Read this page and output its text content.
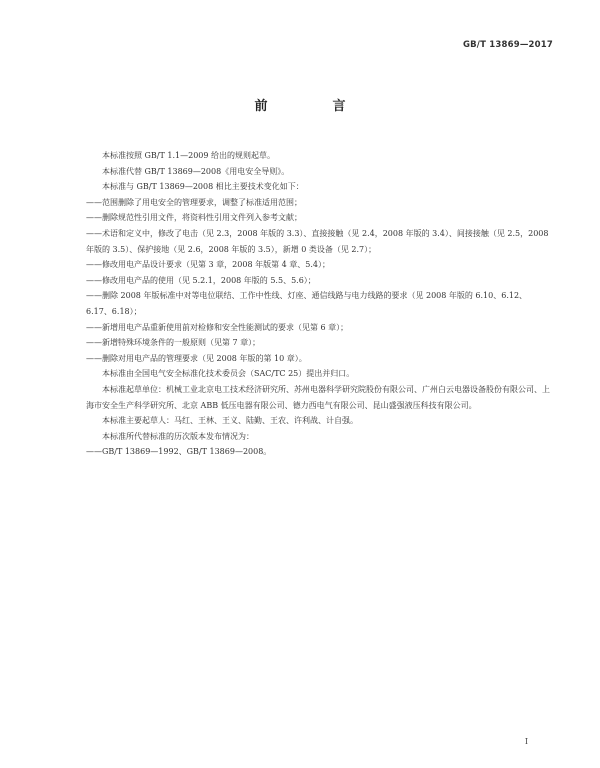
GB/T 13869—2017
前　言

本标准按照 GB/T 1.1—2009 给出的规则起草。

本标准代替 GB/T 13869—2008《用电安全导则》。

本标准与 GB/T 13869—2008 相比主要技术变化如下：

——范围删除了用电安全的管理要求，调整了标准适用范围；

——删除规范性引用文件，将资料性引用文件列入参考文献；

——术语和定义中，修改了电击（见 2.3，2008 年版的 3.3）、直接接触（见 2.4，2008 年版的 3.4）、间接接触（见 2.5，2008 年版的 3.5）、保护接地（见 2.6，2008 年版的 3.5），新增 0 类设备（见 2.7）；

——修改用电产品设计要求（见第 3 章，2008 年版第 4 章、5.4）；

——修改用电产品的使用（见 5.2.1，2008 年版的 5.5、5.6）；

——删除 2008 年版标准中对等电位联结、工作中性线、灯座、通信线路与电力线路的要求（见 2008 年版的 6.10、6.12、6.17、6.18）；

——新增用电产品重新使用前对检修和安全性能测试的要求（见第 6 章）；

——新增特殊环境条件的一般原则（见第 7 章）；

——删除对用电产品的管理要求（见 2008 年版的第 10 章）。

本标准由全国电气安全标准化技术委员会（SAC/TC 25）提出并归口。

本标准起草单位：机械工业北京电工技术经济研究所、苏州电器科学研究院股份有限公司、广州白云电器设备股份有限公司、上海市安全生产科学研究所、北京 ABB 低压电器有限公司、德力西电气有限公司、昆山盛强液压科技有限公司。

本标准主要起草人：马红、王林、王义、陆勤、王农、许利战、计自强。

本标准所代替标准的历次版本发布情况为：

——GB/T 13869—1992、GB/T 13869—2008。

I
